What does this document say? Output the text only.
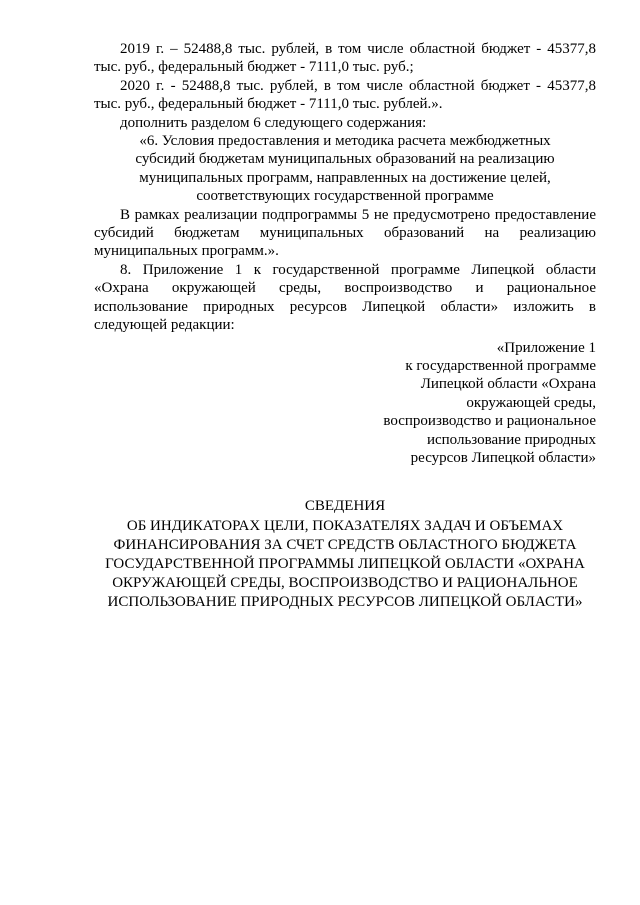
2019 г. – 52488,8 тыс. рублей, в том числе областной бюджет - 45377,8 тыс. руб., федеральный бюджет - 7111,0 тыс. руб.;

2020 г. - 52488,8 тыс. рублей, в том числе областной бюджет - 45377,8 тыс. руб., федеральный бюджет - 7111,0 тыс. рублей.».

дополнить разделом 6 следующего содержания:

«6. Условия предоставления и методика расчета межбюджетных субсидий бюджетам муниципальных образований на реализацию муниципальных программ, направленных на достижение целей, соответствующих государственной программе

В рамках реализации подпрограммы 5 не предусмотрено предоставление субсидий бюджетам муниципальных образований на реализацию муниципальных программ.».

8. Приложение 1 к государственной программе Липецкой области «Охрана окружающей среды, воспроизводство и рациональное использование природных ресурсов Липецкой области» изложить в следующей редакции:

«Приложение 1
к государственной программе
Липецкой области «Охрана
окружающей среды,
воспроизводство и рациональное
использование природных
ресурсов Липецкой области»
СВЕДЕНИЯ
ОБ ИНДИКАТОРАХ ЦЕЛИ, ПОКАЗАТЕЛЯХ ЗАДАЧ И ОБЪЕМАХ
ФИНАНСИРОВАНИЯ ЗА СЧЕТ СРЕДСТВ ОБЛАСТНОГО БЮДЖЕТА
ГОСУДАРСТВЕННОЙ ПРОГРАММЫ ЛИПЕЦКОЙ ОБЛАСТИ «ОХРАНА
ОКРУЖАЮЩЕЙ СРЕДЫ, ВОСПРОИЗВОДСТВО И РАЦИОНАЛЬНОЕ
ИСПОЛЬЗОВАНИЕ ПРИРОДНЫХ РЕСУРСОВ ЛИПЕЦКОЙ ОБЛАСТИ»
